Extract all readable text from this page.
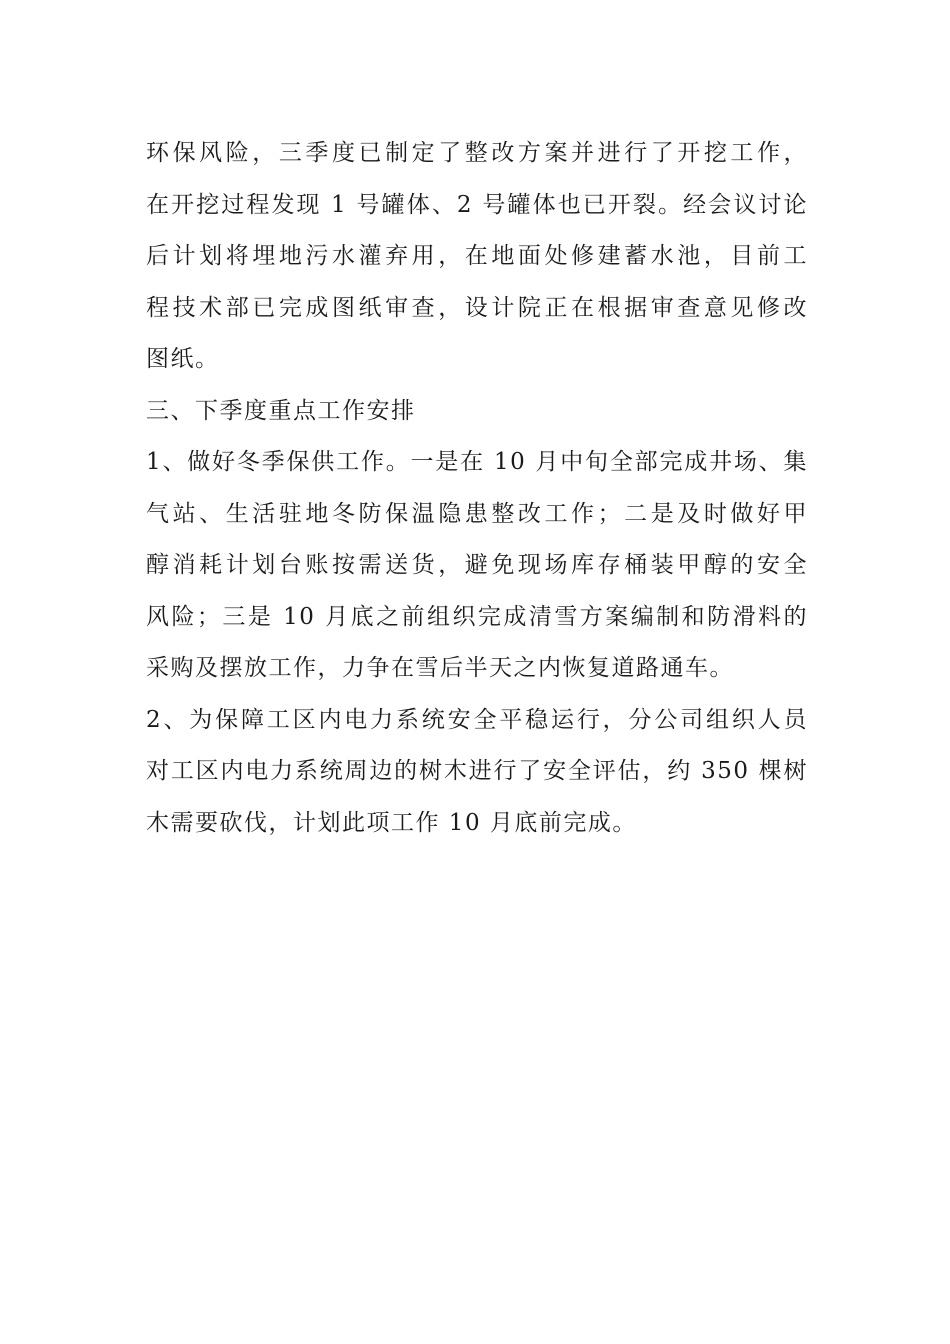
环保风险，三季度已制定了整改方案并进行了开挖工作，
在开挖过程发现 1 号罐体、2 号罐体也已开裂。经会议讨论
后计划将埋地污水灌弃用，在地面处修建蓄水池，目前工
程技术部已完成图纸审查，设计院正在根据审查意见修改
图纸。
三、下季度重点工作安排
1、做好冬季保供工作。一是在 10 月中旬全部完成井场、集
气站、生活驻地冬防保温隐患整改工作；二是及时做好甲
醇消耗计划台账按需送货，避免现场库存桶装甲醇的安全
风险；三是 10 月底之前组织完成清雪方案编制和防滑料的
采购及摆放工作，力争在雪后半天之内恢复道路通车。
2、为保障工区内电力系统安全平稳运行，分公司组织人员
对工区内电力系统周边的树木进行了安全评估，约 350 棵树
木需要砍伐，计划此项工作 10 月底前完成。
